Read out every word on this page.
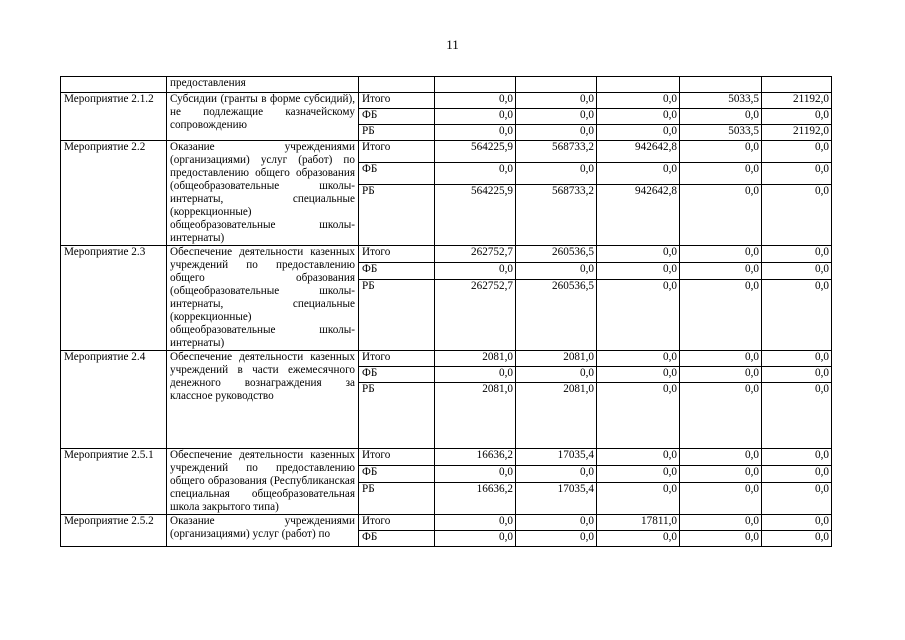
11
	предоставления						
Мероприятие 2.1.2	Субсидии (гранты в форме субсидий), не подлежащие казначейскому сопровождению	Итого	0,0	0,0	0,0	5033,5	21192,0
		ФБ	0,0	0,0	0,0	0,0	0,0
		РБ	0,0	0,0	0,0	5033,5	21192,0
Мероприятие 2.2	Оказание учреждениями (организациями) услуг (работ) по предоставлению общего образования (общеобразовательные школы-интернаты, специальные (коррекционные) общеобразовательные школы-интернаты)	Итого	564225,9	568733,2	942642,8	0,0	0,0
		ФБ	0,0	0,0	0,0	0,0	0,0
		РБ	564225,9	568733,2	942642,8	0,0	0,0
Мероприятие 2.3	Обеспечение деятельности казенных учреждений по предоставлению общего образования (общеобразовательные школы-интернаты, специальные (коррекционные) общеобразовательные школы-интернаты)	Итого	262752,7	260536,5	0,0	0,0	0,0
		ФБ	0,0	0,0	0,0	0,0	0,0
		РБ	262752,7	260536,5	0,0	0,0	0,0
Мероприятие 2.4	Обеспечение деятельности казенных учреждений в части ежемесячного денежного вознаграждения за классное руководство	Итого	2081,0	2081,0	0,0	0,0	0,0
		ФБ	0,0	0,0	0,0	0,0	0,0
		РБ	2081,0	2081,0	0,0	0,0	0,0
Мероприятие 2.5.1	Обеспечение деятельности казенных учреждений по предоставлению общего образования (Республиканская специальная общеобразовательная школа закрытого типа)	Итого	16636,2	17035,4	0,0	0,0	0,0
		ФБ	0,0	0,0	0,0	0,0	0,0
		РБ	16636,2	17035,4	0,0	0,0	0,0
Мероприятие 2.5.2	Оказание учреждениями (организациями) услуг (работ) по	Итого	0,0	0,0	17811,0	0,0	0,0
		ФБ	0,0	0,0	0,0	0,0	0,0
